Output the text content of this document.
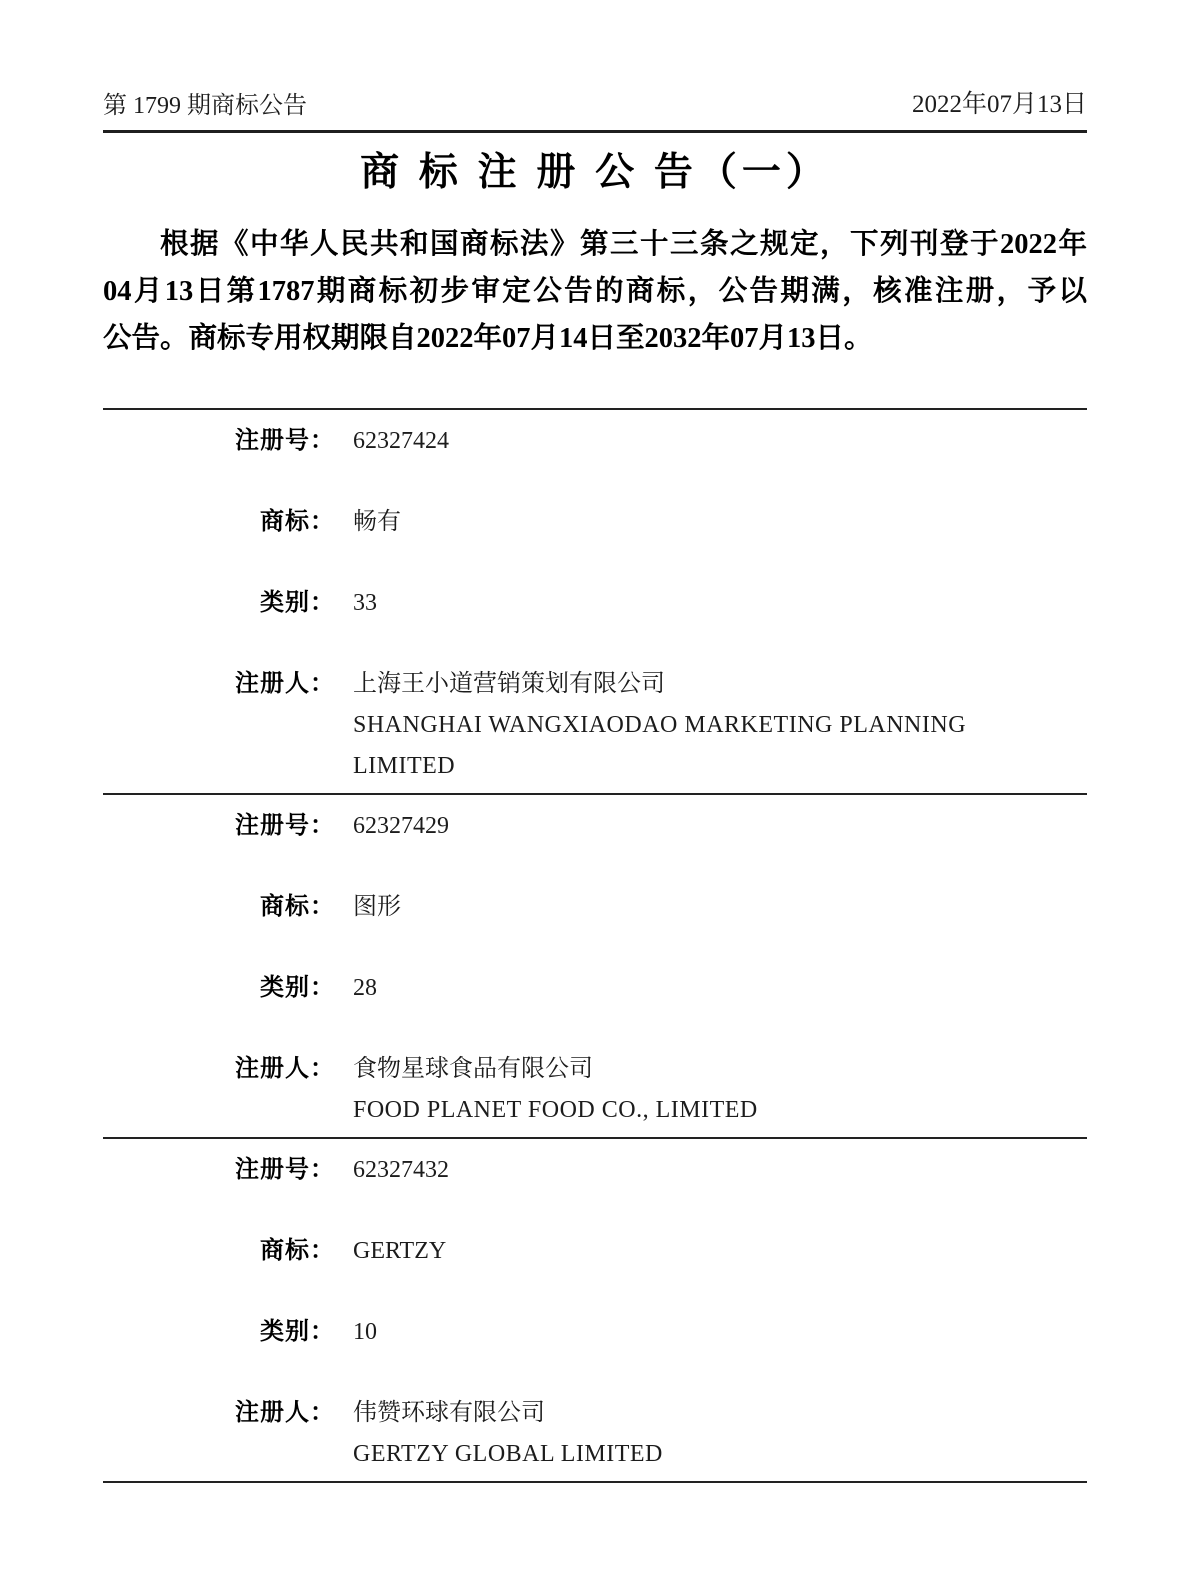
第 1799 期商标公告	2022年07月13日
商 标 注 册 公 告（一）

根据《中华人民共和国商标法》第三十三条之规定，下列刊登于2022年
04月13日第1787期商标初步审定公告的商标，公告期满，核准注册，予以
公告。商标专用权期限自2022年07月14日至2032年07月13日。

注册号： 62327424
商标： 畅有
类别： 33
注册人： 上海王小道营销策划有限公司
SHANGHAI WANGXIAODAO MARKETING PLANNING
LIMITED
注册号： 62327429
商标： 图形
类别： 28
注册人： 食物星球食品有限公司
FOOD PLANET FOOD CO., LIMITED
注册号： 62327432
商标： GERTZY
类别： 10
注册人： 伟赞环球有限公司
GERTZY GLOBAL LIMITED
